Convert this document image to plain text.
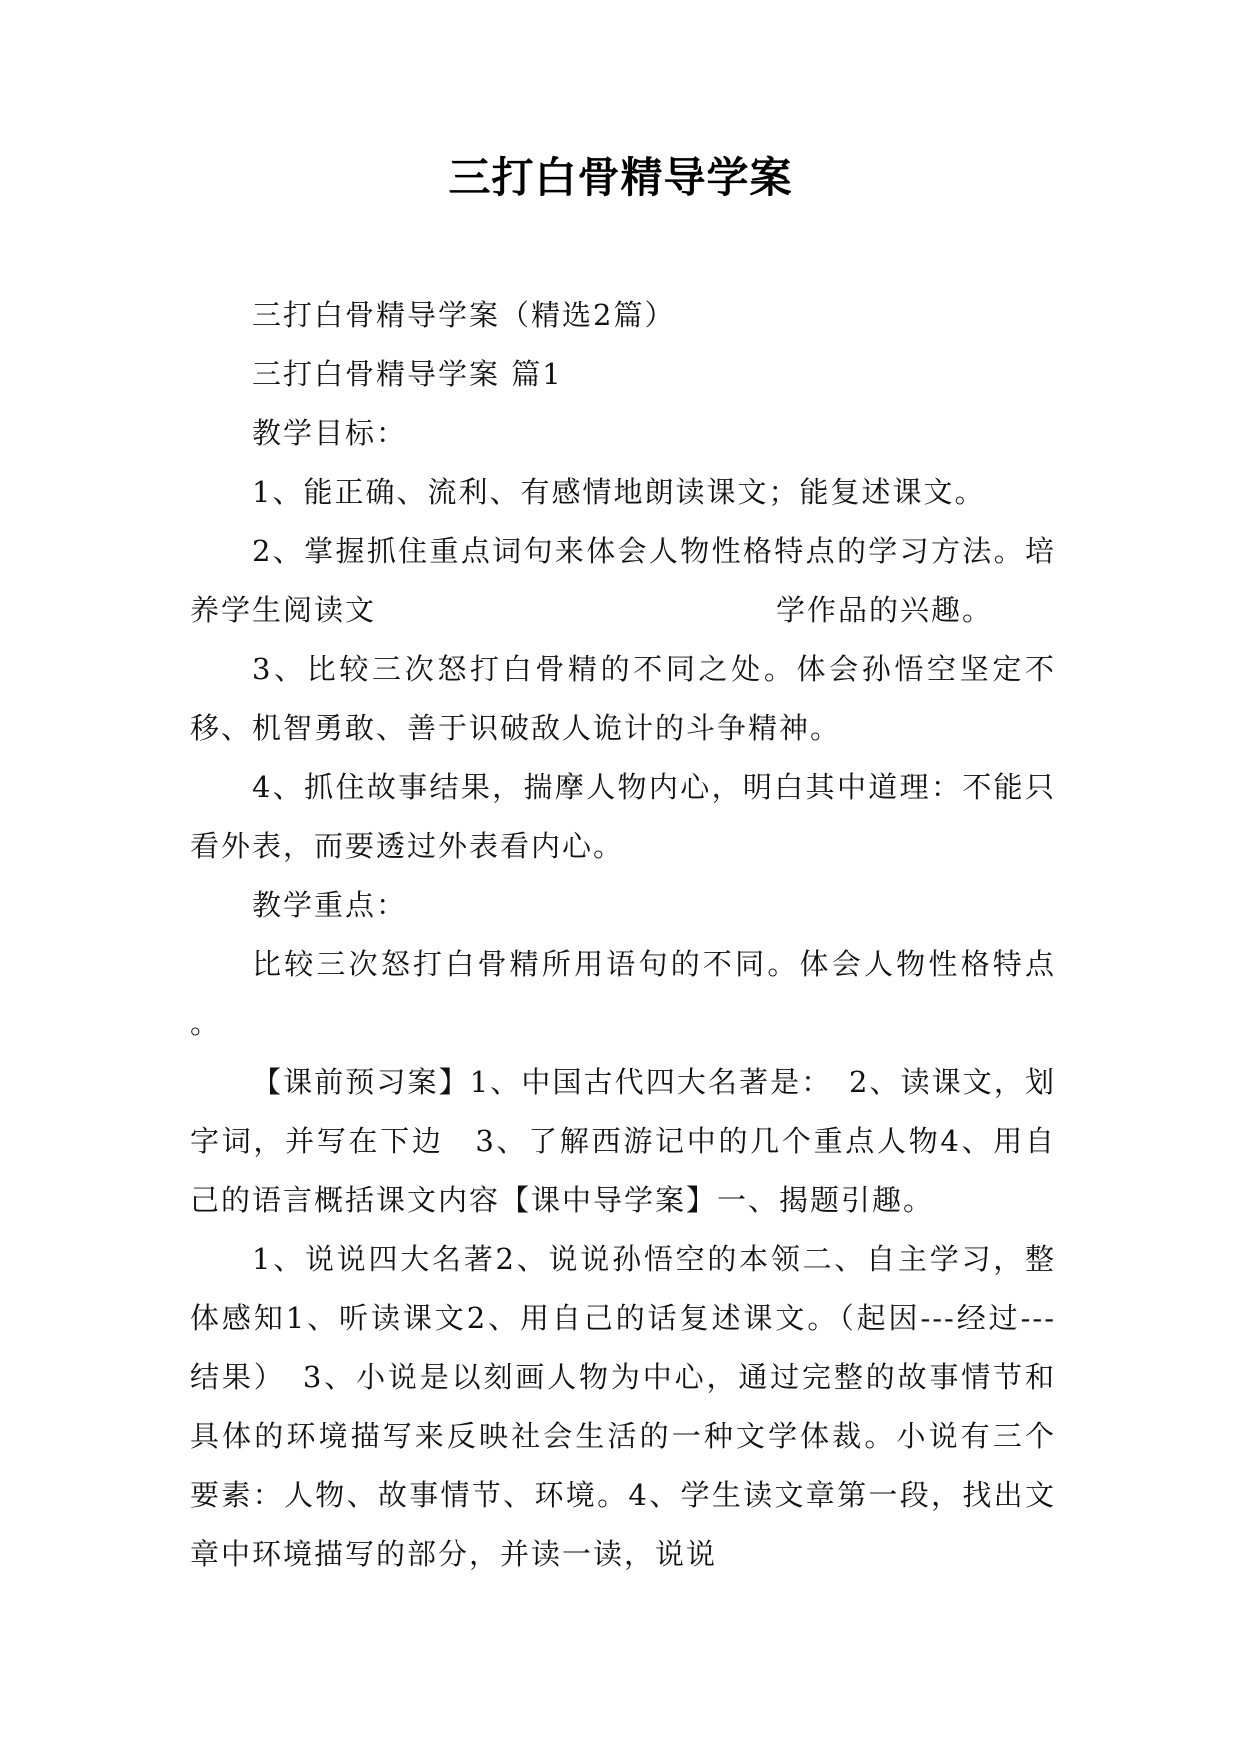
三打白骨精导学案

三打白骨精导学案（精选2篇）

三打白骨精导学案 篇1

教学目标：

1、能正确、流利、有感情地朗读课文；能复述课文。

2、掌握抓住重点词句来体会人物性格特点的学习方法。培养学生阅读文	学作品的兴趣。

3、比较三次怒打白骨精的不同之处。体会孙悟空坚定不移、机智勇敢、善于识破敌人诡计的斗争精神。

4、抓住故事结果，揣摩人物内心，明白其中道理：不能只看外表，而要透过外表看内心。

教学重点：

比较三次怒打白骨精所用语句的不同。体会人物性格特点 。

【课前预习案】1、中国古代四大名著是：　2、读课文，划字词，并写在下边　3、了解西游记中的几个重点人物4、用自己的语言概括课文内容【课中导学案】一、揭题引趣。

1、说说四大名著2、说说孙悟空的本领二、自主学习，整体感知1、听读课文2、用自己的话复述课文。（起因---经过---结果）　3、小说是以刻画人物为中心，通过完整的故事情节和具体的环境描写来反映社会生活的一种文学体裁。小说有三个要素：人物、故事情节、环境。4、学生读文章第一段，找出文章中环境描写的部分，并读一读，说说
